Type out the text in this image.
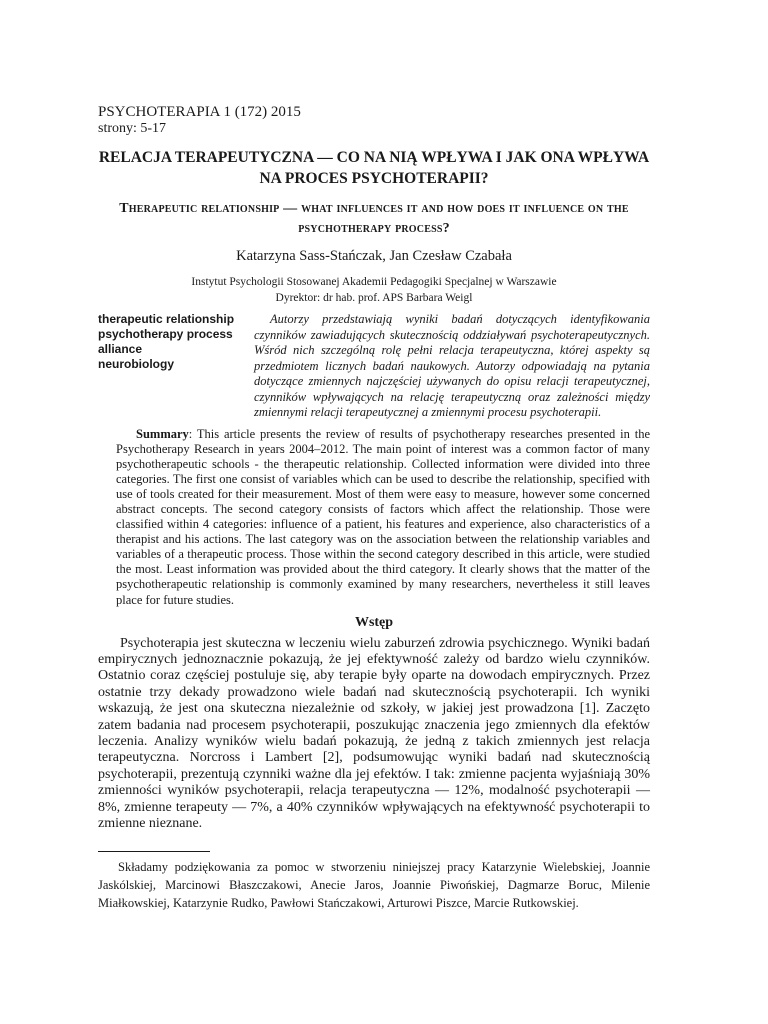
PSYCHOTERAPIA 1 (172) 2015

strony: 5-17

RELACJA TERAPEUTYCZNA — CO NA NIĄ WPŁYWA I JAK ONA WPŁYWA NA PROCES PSYCHOTERAPII?
Therapeutic relationship — what influences it and how does it influence on the psychotherapy process?

Katarzyna Sass-Stańczak, Jan Czesław Czabała

Instytut Psychologii Stosowanej Akademii Pedagogiki Specjalnej w Warszawie

Dyrektor: dr hab. prof. APS Barbara Weigl

therapeutic relationship
psychotherapy process
alliance
neurobiology

Autorzy przedstawiają wyniki badań dotyczących identyfikowania czynników zawiadujących skutecznością oddziaływań psychoterapeutycznych. Wśród nich szczególną rolę pełni relacja terapeutyczna, której aspekty są przedmiotem licznych badań naukowych. Autorzy odpowiadają na pytania dotyczące zmiennych najczęściej używanych do opisu relacji terapeutycznej, czynników wpływających na relację terapeutyczną oraz zależności między zmiennymi relacji terapeutycznej a zmiennymi procesu psychoterapii.

Summary: This article presents the review of results of psychotherapy researches presented in the Psychotherapy Research in years 2004–2012. The main point of interest was a common factor of many psychotherapeutic schools - the therapeutic relationship. Collected information were divided into three categories. The first one consist of variables which can be used to describe the relationship, specified with use of tools created for their measurement. Most of them were easy to measure, however some concerned abstract concepts. The second category consists of factors which affect the relationship. Those were classified within 4 categories: influence of a patient, his features and experience, also characteristics of a therapist and his actions. The last category was on the association between the relationship variables and variables of a therapeutic process. Those within the second category described in this article, were studied the most. Least information was provided about the third category. It clearly shows that the matter of the psychotherapeutic relationship is commonly examined by many researchers, nevertheless it still leaves place for future studies.

Wstęp

Psychoterapia jest skuteczna w leczeniu wielu zaburzeń zdrowia psychicznego. Wyniki badań empirycznych jednoznacznie pokazują, że jej efektywność zależy od bardzo wielu czynników. Ostatnio coraz częściej postuluje się, aby terapie były oparte na dowodach empirycznych. Przez ostatnie trzy dekady prowadzono wiele badań nad skutecznością psychoterapii. Ich wyniki wskazują, że jest ona skuteczna niezależnie od szkoły, w jakiej jest prowadzona [1]. Zaczęto zatem badania nad procesem psychoterapii, poszukując znaczenia jego zmiennych dla efektów leczenia. Analizy wyników wielu badań pokazują, że jedną z takich zmiennych jest relacja terapeutyczna. Norcross i Lambert [2], podsumowując wyniki badań nad skutecznością psychoterapii, prezentują czynniki ważne dla jej efektów. I tak: zmienne pacjenta wyjaśniają 30% zmienności wyników psychoterapii, relacja terapeutyczna — 12%, modalność psychoterapii — 8%, zmienne terapeuty — 7%, a 40% czynników wpływających na efektywność psychoterapii to zmienne nieznane.

Składamy podziękowania za pomoc w stworzeniu niniejszej pracy Katarzynie Wielebskiej, Joannie Jaskólskiej, Marcinowi Błaszczakowi, Anecie Jaros, Joannie Piwońskiej, Dagmarze Boruc, Milenie Miałkowskiej, Katarzynie Rudko, Pawłowi Stańczakowi, Arturowi Piszce, Marcie Rutkowskiej.
